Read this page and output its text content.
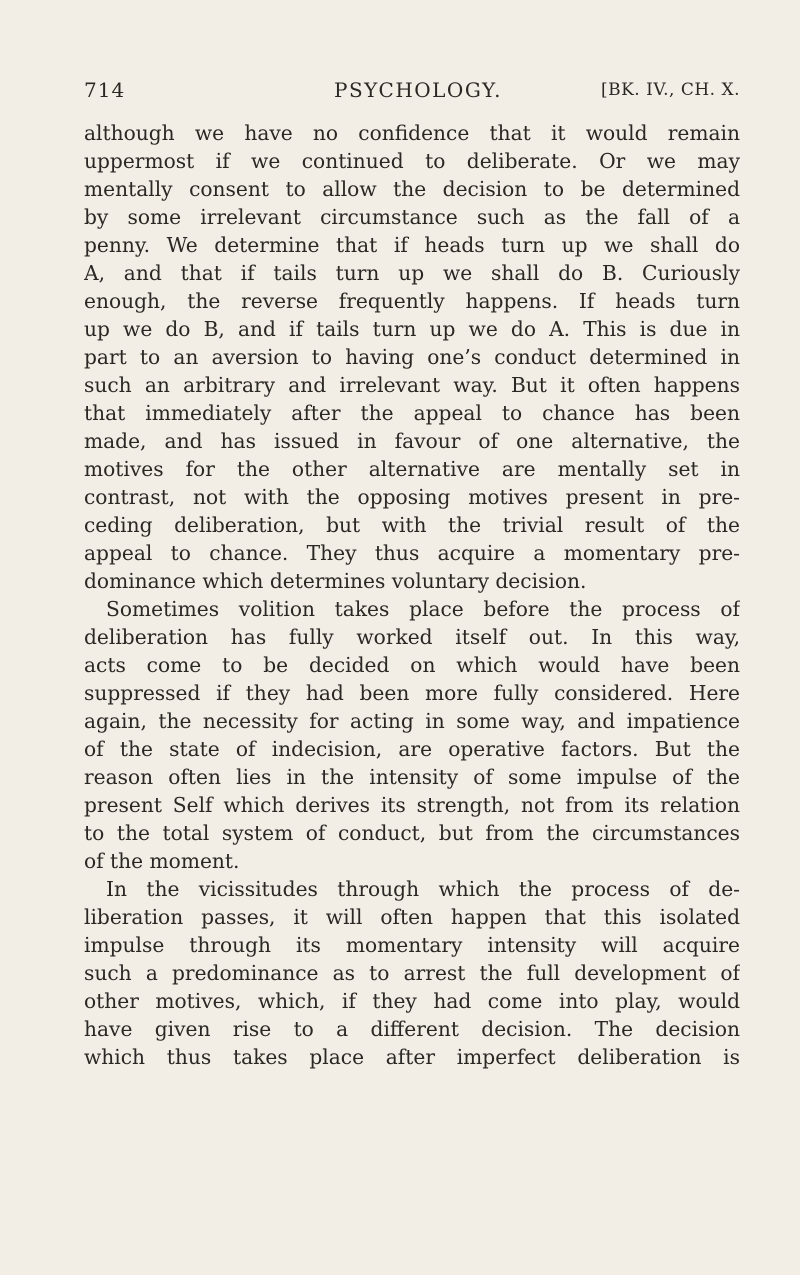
714	PSYCHOLOGY.	[BK. IV., CH. X.
although we have no confidence that it would remain
uppermost if we continued to deliberate. Or we may
mentally consent to allow the decision to be determined
by some irrelevant circumstance such as the fall of a
penny. We determine that if heads turn up we shall do
A, and that if tails turn up we shall do B. Curiously
enough, the reverse frequently happens. If heads turn
up we do B, and if tails turn up we do A. This is due in
part to an aversion to having one’s conduct determined in
such an arbitrary and irrelevant way. But it often happens
that immediately after the appeal to chance has been
made, and has issued in favour of one alternative, the
motives for the other alternative are mentally set in
contrast, not with the opposing motives present in pre-
ceding deliberation, but with the trivial result of the
appeal to chance. They thus acquire a momentary pre-
dominance which determines voluntary decision.
Sometimes volition takes place before the process of
deliberation has fully worked itself out. In this way,
acts come to be decided on which would have been
suppressed if they had been more fully considered. Here
again, the necessity for acting in some way, and impatience
of the state of indecision, are operative factors. But the
reason often lies in the intensity of some impulse of the
present Self which derives its strength, not from its relation
to the total system of conduct, but from the circumstances
of the moment.
In the vicissitudes through which the process of de-
liberation passes, it will often happen that this isolated
impulse through its momentary intensity will acquire
such a predominance as to arrest the full development of
other motives, which, if they had come into play, would
have given rise to a different decision. The decision
which thus takes place after imperfect deliberation is
